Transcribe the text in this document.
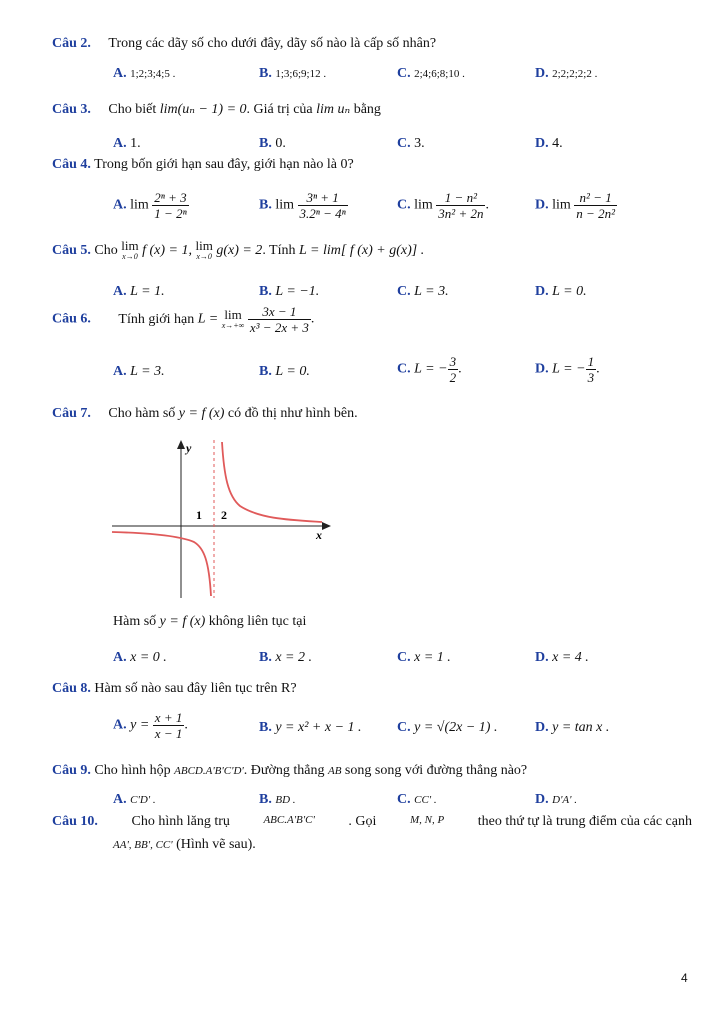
Câu 2. Trong các dãy số cho dưới đây, dãy số nào là cấp số nhân?
A. 1;2;3;4;5 .	B. 1;3;6;9;12 .	C. 2;4;6;8;10 .	D. 2;2;2;2;2 .
Câu 3. Cho biết lim(uₙ − 1) = 0. Giá trị của lim uₙ bằng
A. 1.	B. 0.	C. 3.	D. 4.
Câu 4. Trong bốn giới hạn sau đây, giới hạn nào là 0?
A. $\lim \frac{\text{2ⁿ + 3}}{\text{1 − 2ⁿ}}$	B. $\lim \frac{\text{3ⁿ + 1}}{\text{3.2ⁿ − 4ⁿ}}$	C. $\lim \frac{\text{1 − n²}}{\text{3n² + 2n}}$ .	D. $\lim \frac{\text{n² − 1}}{\text{n − 2n²}}$
Câu 5. Cho lim
x→0 f (x) = 1, lim
x→0 g(x) = 2. Tính L = lim[ f (x) + g(x)] .
A. L = 1.	B. L = −1.	C. L = 3.	D. L = 0.
Câu 6. Tính giới hạn L = lim
x→+∞
$\frac{3x - 1}{\text{x³ − 2x + 3}}$ .
A. L = 3.	B. L = 0.	C. L = − $\frac{3}{2}$ .	D. L = − $\frac{1}{3}$ .
Câu 7. Cho hàm số y = f (x) có đồ thị như hình bên.
y
x
1 2
Hàm số y = f (x) không liên tục tại
A. x = 0 .	B. x = 2 .	C. x = 1 .	D. x = 4 .
Câu 8. Hàm số nào sau đây liên tục trên R?
A. $y = \frac{x + 1}{x - 1}$ .	B. y = x² + x − 1 .	C. y = √(2x − 1) .	D. y = tan x .
Câu 9. Cho hình hộp ABCD.A'B'C'D'. Đường thẳng AB song song với đường thẳng nào?
A. C'D' .	B. BD .	C. CC' .	D. D'A' .
Câu 10. Cho hình lăng trụ	ABC.A'B'C' . Gọi	M, N, P theo thứ tự là trung điểm của các cạnh
AA', BB', CC' (Hình vẽ sau).
4
